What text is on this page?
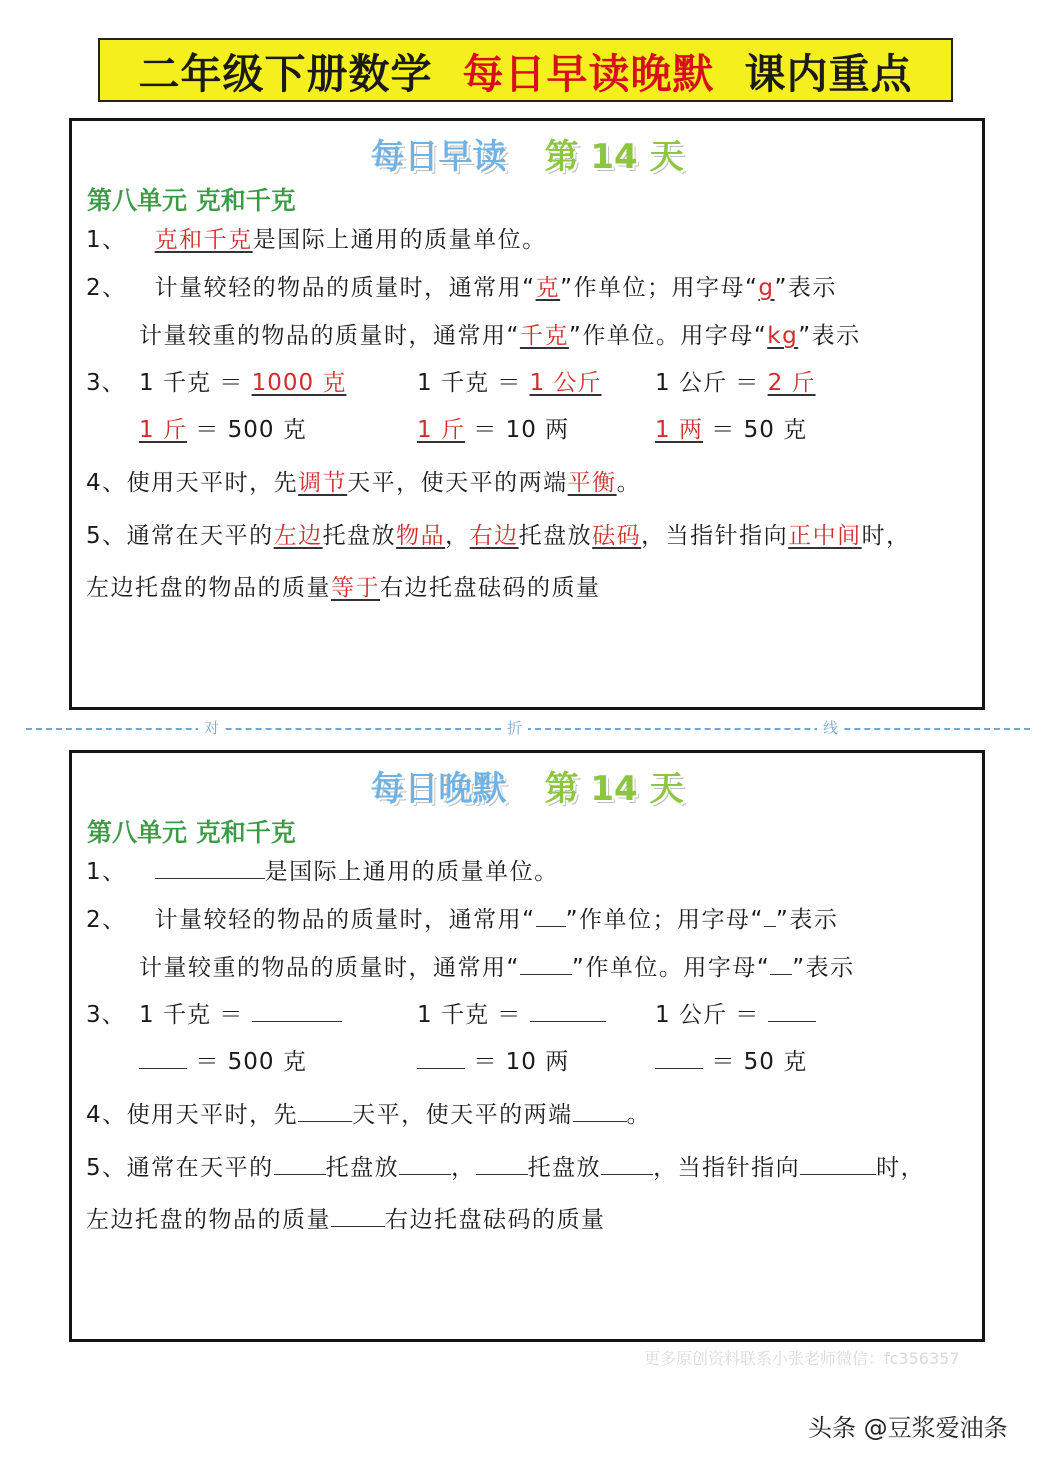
二年级下册数学 每日早读晚默 课内重点
每日早读 第 14 天
第八单元 克和千克
1、 克和千克是国际上通用的质量单位。
2、 计量较轻的物品的质量时，通常用“克”作单位；用字母“g”表示
计量较重的物品的质量时，通常用“千克”作单位。用字母“kg”表示
3、 1 千克 ＝ 1000 克	1 千克 ＝ 1 公斤 1 公斤 ＝ 2 斤
1 斤 ＝ 500 克	1 斤 ＝ 10 两	1 两 ＝ 50 克
4、使用天平时，先调节天平，使天平的两端平衡。
5、通常在天平的左边托盘放物品，右边托盘放砝码，当指针指向正中间时，
左边托盘的物品的质量等于右边托盘砝码的质量
对	折	线
每日晚默 第 14 天
第八单元 克和千克
1、	是国际上通用的质量单位。
2、 计量较轻的物品的质量时，通常用“ ”作单位；用字母“ ”表示
计量较重的物品的质量时，通常用“ ”作单位。用字母“ ”表示
3、 1 千克 ＝	1 千克 ＝	1 公斤 ＝
＝ 500 克	＝ 10 两	＝ 50 克
4、使用天平时，先 天平，使天平的两端 。
5、通常在天平的 托盘放 ， 托盘放 ，当指针指向	时，
左边托盘的物品的质量 右边托盘砝码的质量
更多原创资料联系小张老师微信：fc356357
头条 @豆浆爱油条
